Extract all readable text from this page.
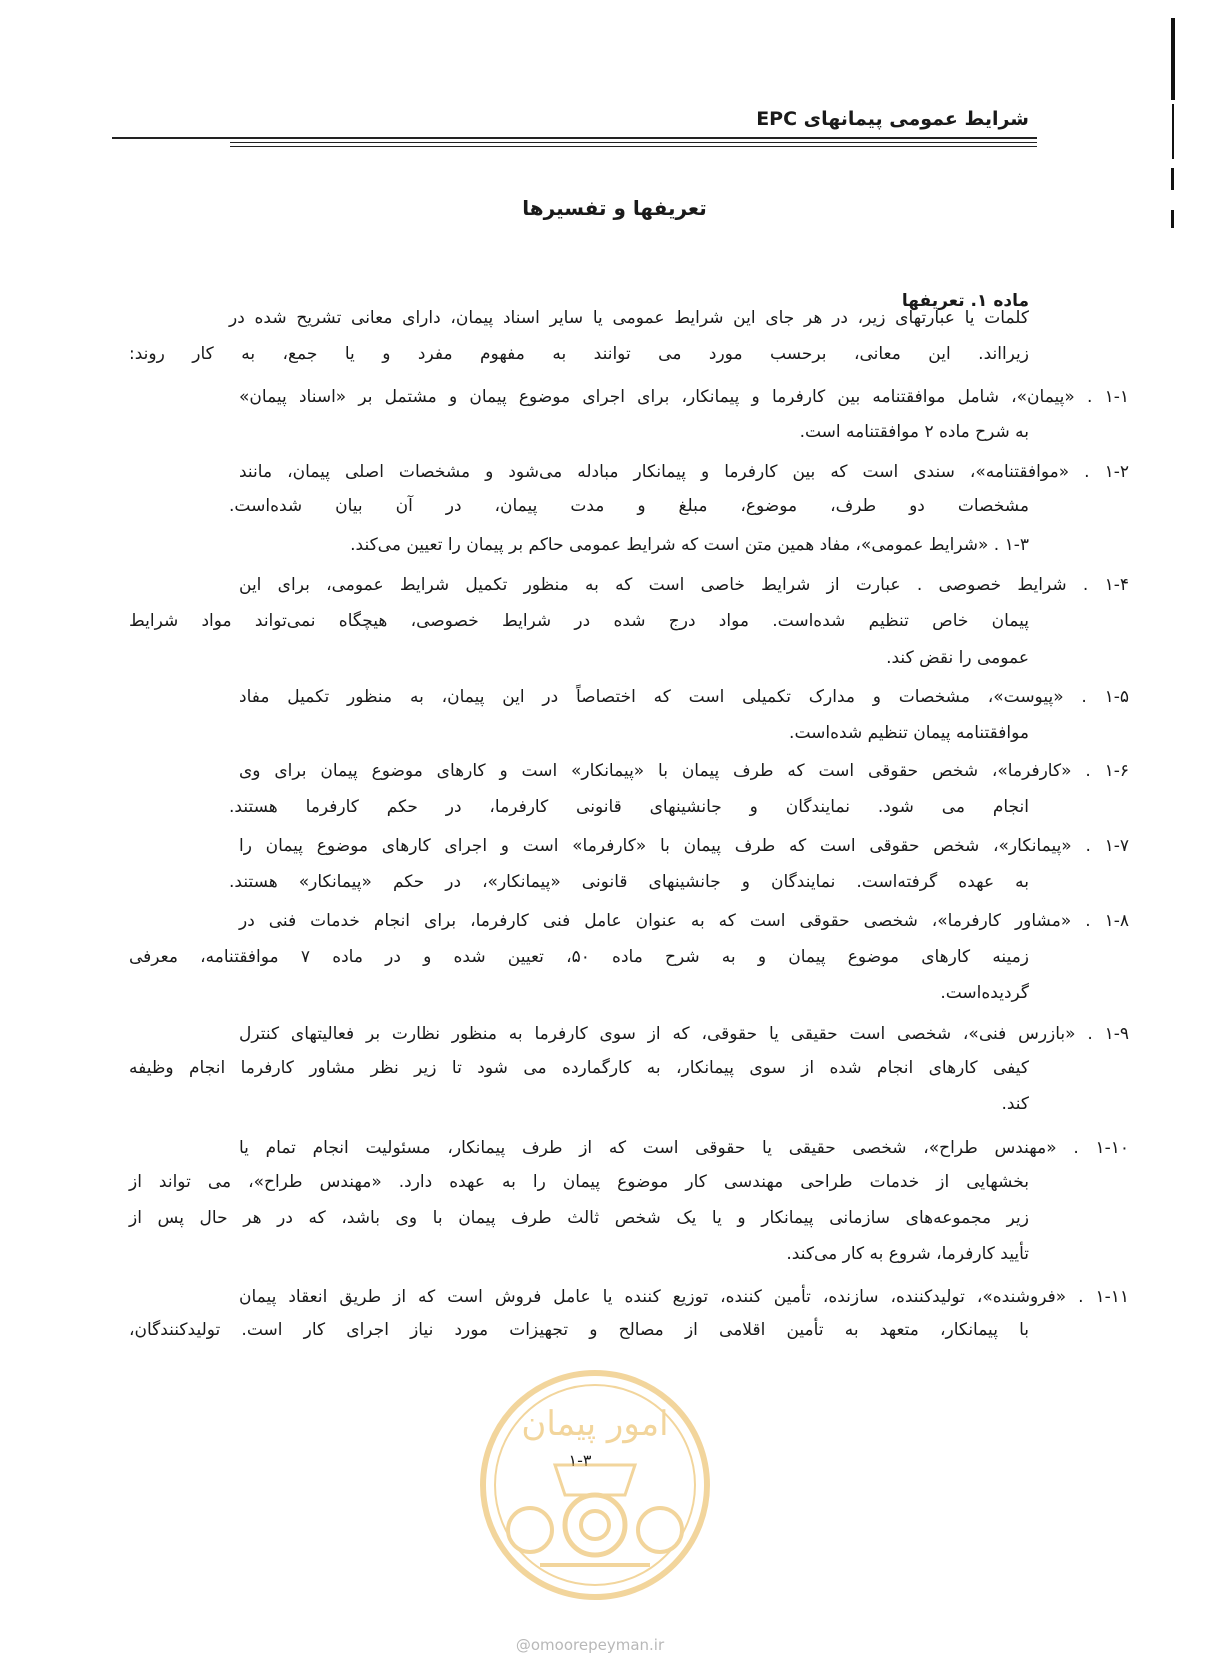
شرایط عمومی پیمانهای EPC
تعریفها و تفسیرها
ماده ۱. تعریفها
کلمات یا عبارتهای زیر، در هر جای این شرایط عمومی یا سایر اسناد پیمان، دارای معانی تشریح شده در
زیرااند. این معانی، برحسب مورد می توانند به مفهوم مفرد و یا جمع، به کار روند:
۱-۱ . «پیمان»، شامل موافقتنامه بین کارفرما و پیمانکار، برای اجرای موضوع پیمان و مشتمل بر «اسناد پیمان»
به شرح ماده ۲ موافقتنامه است.
۱-۲ . «موافقتنامه»، سندی است که بین کارفرما و پیمانکار مبادله می‌شود و مشخصات اصلی پیمان، مانند
مشخصات دو طرف، موضوع، مبلغ و مدت پیمان، در آن بیان شده‌است.
۱-۳ . «شرایط عمومی»، مفاد همین متن است که شرایط عمومی حاکم بر پیمان را تعیین می‌کند.
۱-۴ . شرایط خصوصی . عبارت از شرایط خاصی است که به منظور تکمیل شرایط عمومی، برای این
پیمان خاص تنظیم شده‌است. مواد درج شده در شرایط خصوصی، هیچگاه نمی‌تواند مواد شرایط
عمومی را نقض کند.
۱-۵ . «پیوست»، مشخصات و مدارک تکمیلی است که اختصاصاً در این پیمان، به منظور تکمیل مفاد
موافقتنامه پیمان تنظیم شده‌است.
۱-۶ . «کارفرما»، شخص حقوقی است که طرف پیمان با «پیمانکار» است و کارهای موضوع پیمان برای وی
انجام می شود. نمایندگان و جانشینهای قانونی کارفرما، در حکم کارفرما هستند.
۱-۷ . «پیمانکار»، شخص حقوقی است که طرف پیمان با «کارفرما» است و اجرای کارهای موضوع پیمان را
به عهده گرفته‌است. نمایندگان و جانشینهای قانونی «پیمانکار»، در حکم «پیمانکار» هستند.
۱-۸ . «مشاور کارفرما»، شخصی حقوقی است که به عنوان عامل فنی کارفرما، برای انجام خدمات فنی در
زمینه کارهای موضوع پیمان و به شرح ماده ۵۰، تعیین شده و در ماده ۷ موافقتنامه، معرفی
گردیده‌است.
۱-۹ . «بازرس فنی»، شخصی است حقیقی یا حقوقی، که از سوی کارفرما به منظور نظارت بر فعالیتهای کنترل
کیفی کارهای انجام شده از سوی پیمانکار، به کارگمارده می شود تا زیر نظر مشاور کارفرما انجام وظیفه
کند.
۱-۱۰ . «مهندس طراح»، شخصی حقیقی یا حقوقی است که از طرف پیمانکار، مسئولیت انجام تمام یا
بخشهایی از خدمات طراحی مهندسی کار موضوع پیمان را به عهده دارد. «مهندس طراح»، می تواند از
زیر مجموعه‌های سازمانی پیمانکار و یا یک شخص ثالث طرف پیمان با وی باشد، که در هر حال پس از
تأیید کارفرما، شروع به کار می‌کند.
۱-۱۱ . «فروشنده»، تولیدکننده، سازنده، تأمین کننده، توزیع کننده یا عامل فروش است که از طریق انعقاد پیمان
با پیمانکار، متعهد به تأمین اقلامی از مصالح و تجهیزات مورد نیاز اجرای کار است. تولیدکنندگان،
۱-۳
امور پیمان
@omoorepeyman.ir
